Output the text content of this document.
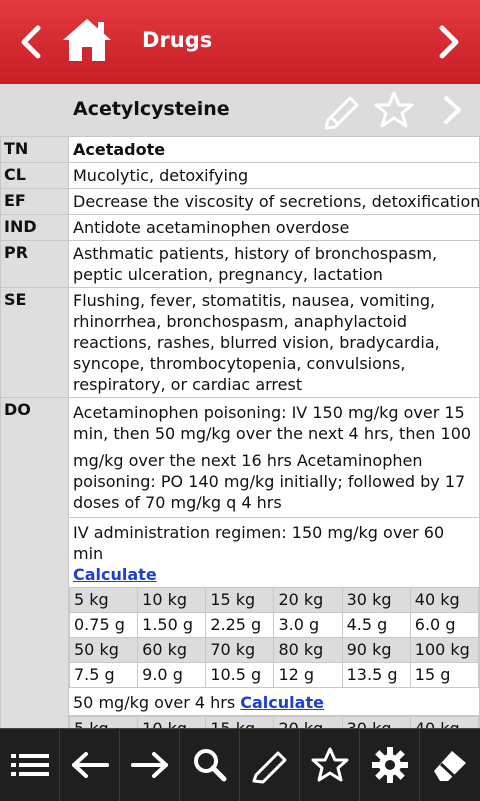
Drugs
Acetylcysteine
TN	Acetadote
CL	Mucolytic, detoxifying
EF	Decrease the viscosity of secretions, detoxification
IND	Antidote acetaminophen overdose
PR	Asthmatic patients, history of bronchospasm, peptic ulceration, pregnancy, lactation
SE	Flushing, fever, stomatitis, nausea, vomiting, rhinorrhea, bronchospasm, anaphylactoid reactions, rashes, blurred vision, bradycardia, syncope, thrombocytopenia, convulsions, respiratory, or cardiac arrest
DO	Acetaminophen poisoning: IV 150 mg/kg over 15 min, then 50 mg/kg over the next 4 hrs, then 100
mg/kg over the next 16 hrs Acetaminophen poisoning: PO 140 mg/kg initially; followed by 17 doses of 70 mg/kg q 4 hrs
IV administration regimen: 150 mg/kg over 60 min
Calculate
5 kg	10 kg	15 kg	20 kg	30 kg	40 kg
0.75 g	1.50 g	2.25 g	3.0 g	4.5 g	6.0 g
50 kg	60 kg	70 kg	80 kg	90 kg	100 kg
7.5 g	9.0 g	10.5 g	12 g	13.5 g	15 g
50 mg/kg over 4 hrs Calculate
